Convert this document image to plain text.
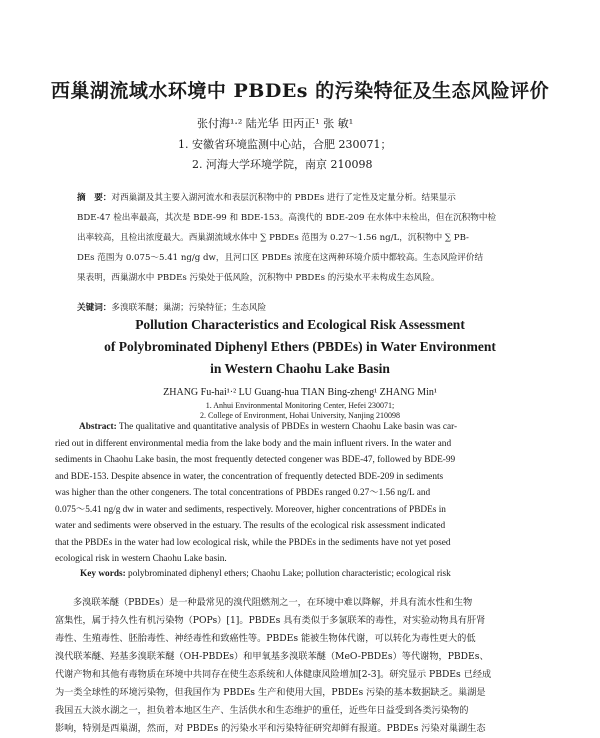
西巢湖流域水环境中 PBDEs 的污染特征及生态风险评价
张付海¹·² 陆光华 田丙正¹ 张 敏¹
1. 安徽省环境监测中心站，合肥 230071；
2. 河海大学环境学院，南京 210098

摘　要：对西巢湖及其主要入湖河流水和表层沉积物中的 PBDEs 进行了定性及定量分析。结果显示

BDE-47 检出率最高，其次是 BDE-99 和 BDE-153。高溴代的 BDE-209 在水体中未检出，但在沉积物中检

出率较高，且检出浓度最大。西巢湖流域水体中 ∑ PBDEs 范围为 0.27～1.56 ng/L，沉积物中 ∑ PB-

DEs 范围为 0.075～5.41 ng/g dw，且河口区 PBDEs 浓度在这两种环境介质中都较高。生态风险评价结

果表明，西巢湖水中 PBDEs 污染处于低风险，沉积物中 PBDEs 的污染水平未构成生态风险。

关键词：多溴联苯醚；巢湖；污染特征；生态风险
Pollution Characteristics and Ecological Risk Assessment
of Polybrominated Diphenyl Ethers (PBDEs) in Water Environment
in Western Chaohu Lake Basin
ZHANG Fu-hai¹·² LU Guang-hua TIAN Bing-zheng¹ ZHANG Min¹
1. Anhui Environmental Monitoring Center, Hefei 230071;

Abstract: The qualitative and quantitative analysis of PBDEs in western Chaohu Lake basin was car-

ried out in different environmental media from the lake body and the main influent rivers. In the water and

sediments in Chaohu Lake basin, the most frequently detected congener was BDE-47, followed by BDE-99

and BDE-153. Despite absence in water, the concentration of frequently detected BDE-209 in sediments

was higher than the other congeners. The total concentrations of PBDEs ranged 0.27～1.56 ng/L and

0.075～5.41 ng/g dw in water and sediments, respectively. Moreover, higher concentrations of PBDEs in

water and sediments were observed in the estuary. The results of the ecological risk assessment indicated

that the PBDEs in the water had low ecological risk, while the PBDEs in the sediments have not yet posed

ecological risk in western Chaohu Lake basin.

Key words: polybrominated diphenyl ethers; Chaohu Lake; pollution characteristic; ecological risk

多溴联苯醚（PBDEs）是一种最常见的溴代阻燃剂之一，在环境中难以降解，并具有流水性和生物

富集性，属于持久性有机污染物（POPs）[1]。PBDEs 具有类似于多氯联苯的毒性，对实验动物具有肝肾

毒性、生殖毒性、胚胎毒性、神经毒性和致癌性等。PBDEs 能被生物体代谢，可以转化为毒性更大的低

溴代联苯醚、羟基多溴联苯醚（OH-PBDEs）和甲氧基多溴联苯醚（MeO-PBDEs）等代谢物，PBDEs、

代谢产物和其他有毒物质在环境中共同存在使生态系统和人体健康风险增加[2-3]。研究显示 PBDEs 已经成

为一类全球性的环境污染物，但我国作为 PBDEs 生产和使用大国，PBDEs 污染的基本数据缺乏。巢湖是

我国五大淡水湖之一，担负着本地区生产、生活供水和生态维护的重任，近些年日益受到各类污染物的

影响，特别是西巢湖，然而，对 PBDEs 的污染水平和污染特征研究却鲜有报道。PBDEs 污染对巢湖生态

2. College of Environment, Hohai University, Nanjing 210098
